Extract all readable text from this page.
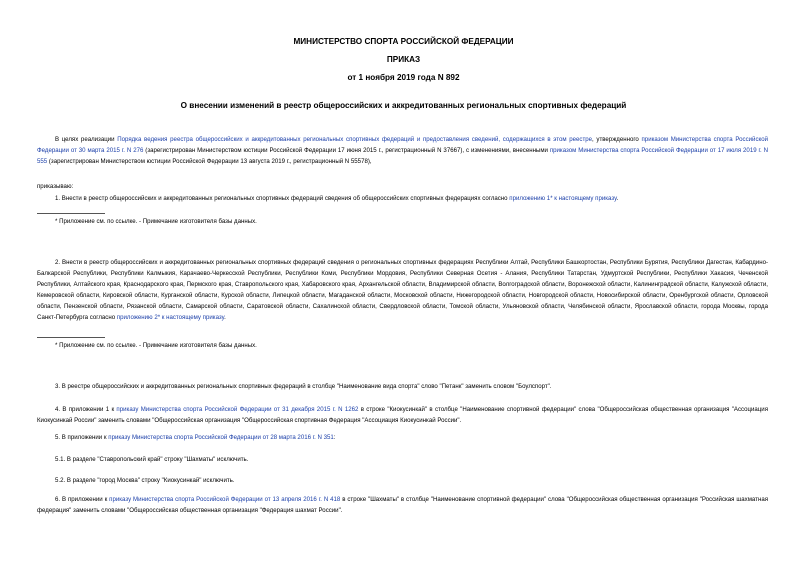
МИНИСТЕРСТВО СПОРТА РОССИЙСКОЙ ФЕДЕРАЦИИ
ПРИКАЗ
от 1 ноября 2019 года N 892
О внесении изменений в реестр общероссийских и аккредитованных региональных спортивных федераций

В целях реализации Порядка ведения реестра общероссийских и аккредитованных региональных спортивных федераций и предоставления сведений, содержащихся в этом реестре, утвержденного приказом Министерства спорта Российской Федерации от 30 марта 2015 г. N 276 (зарегистрирован Министерством юстиции Российской Федерации 17 июня 2015 г., регистрационный N 37667), с изменениями, внесенными приказом Министерства спорта Российской Федерации от 17 июля 2019 г. N 555 (зарегистрирован Министерством юстиции Российской Федерации 13 августа 2019 г., регистрационный N 55578),

приказываю:

1. Внести в реестр общероссийских и аккредитованных региональных спортивных федераций сведения об общероссийских спортивных федерациях согласно приложению 1* к настоящему приказу.

* Приложение см. по ссылке. - Примечание изготовителя базы данных.

2. Внести в реестр общероссийских и аккредитованных региональных спортивных федераций сведения о региональных спортивных федерациях Республики Алтай, Республики Башкортостан, Республики Бурятия, Республики Дагестан, Кабардино-Балкарской Республики, Республики Калмыкия, Карачаево-Черкесской Республики, Республики Коми, Республики Мордовия, Республики Северная Осетия - Алания, Республики Татарстан, Удмуртской Республики, Республики Хакасия, Чеченской Республики, Алтайского края, Краснодарского края, Пермского края, Ставропольского края, Хабаровского края, Архангельской области, Владимирской области, Волгоградской области, Воронежской области, Калининградской области, Калужской области, Кемеровской области, Кировской области, Курганской области, Курской области, Липецкой области, Магаданской области, Московской области, Нижегородской области, Новгородской области, Новосибирской области, Оренбургской области, Орловской области, Пензенской области, Рязанской области, Самарской области, Саратовской области, Сахалинской области, Свердловской области, Томской области, Ульяновской области, Челябинской области, Ярославской области, города Москвы, города Санкт-Петербурга согласно приложению 2* к настоящему приказу.

* Приложение см. по ссылке. - Примечание изготовителя базы данных.

3. В реестре общероссийских и аккредитованных региональных спортивных федераций в столбце "Наименование вида спорта" слово "Петанк" заменить словом "Боулспорт".

4. В приложении 1 к приказу Министерства спорта Российской Федерации от 31 декабря 2015 г. N 1262 в строке "Киокусинкай" в столбце "Наименование спортивной федерации" слова "Общероссийская общественная организация "Ассоциация Киокусинкай России" заменить словами "Общероссийская организация "Общероссийская спортивная Федерация "Ассоциация Киокусинкай России".

5. В приложении к приказу Министерства спорта Российской Федерации от 28 марта 2016 г. N 351:

5.1. В разделе "Ставропольский край" строку "Шахматы" исключить.

5.2. В разделе "город Москва" строку "Киокусинкай" исключить.

6. В приложении к приказу Министерства спорта Российской Федерации от 13 апреля 2016 г. N 418 в строке "Шахматы" в столбце "Наименование спортивной федерации" слова "Общероссийская общественная организация "Российская шахматная федерация" заменить словами "Общероссийская общественная организация "Федерация шахмат России".
